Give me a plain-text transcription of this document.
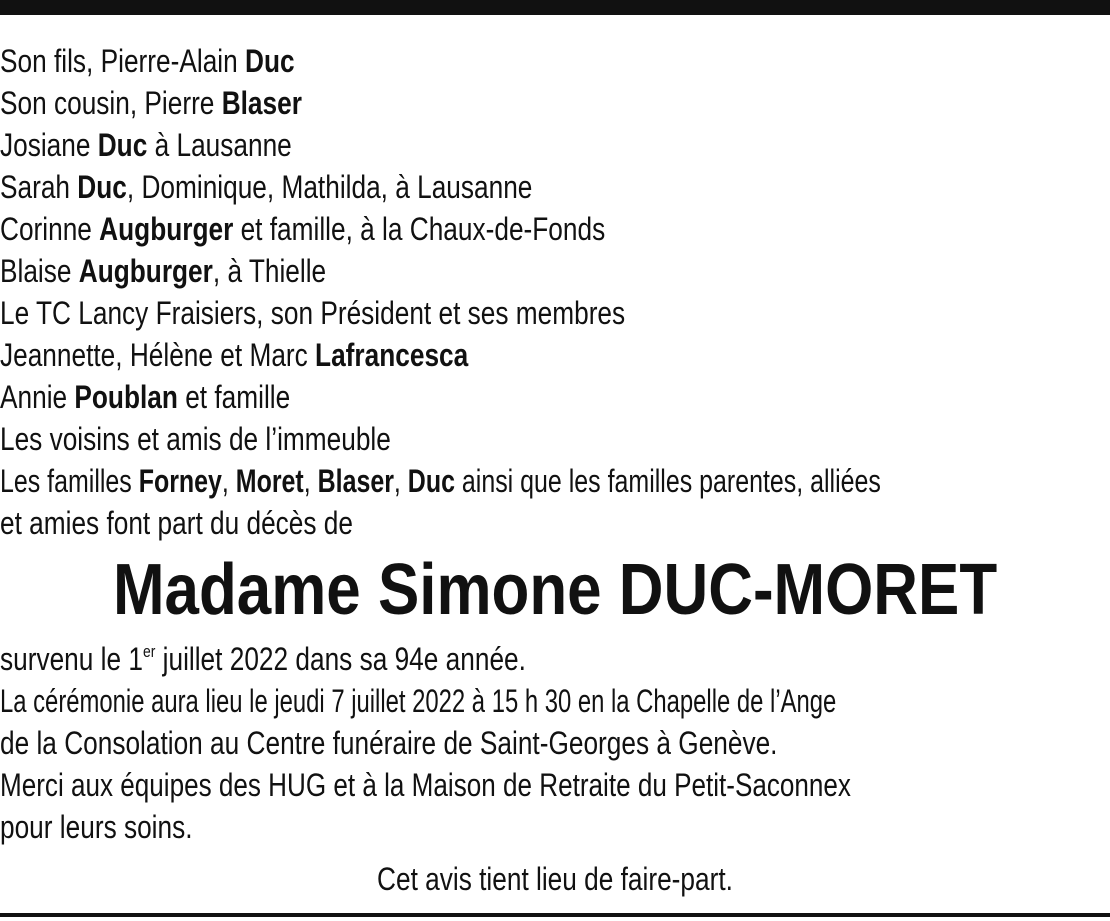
Son fils, Pierre-Alain Duc
Son cousin, Pierre Blaser
Josiane Duc à Lausanne
Sarah Duc, Dominique, Mathilda, à Lausanne
Corinne Augburger et famille, à la Chaux-de-Fonds
Blaise Augburger, à Thielle
Le TC Lancy Fraisiers, son Président et ses membres
Jeannette, Hélène et Marc Lafrancesca
Annie Poublan et famille
Les voisins et amis de l’immeuble
Les familles Forney, Moret, Blaser, Duc ainsi que les familles parentes, alliées
et amies font part du décès de
Madame Simone DUC-MORET
survenu le 1er juillet 2022 dans sa 94e année.
La cérémonie aura lieu le jeudi 7 juillet 2022 à 15 h 30 en la Chapelle de l’Ange
de la Consolation au Centre funéraire de Saint-Georges à Genève.
Merci aux équipes des HUG et à la Maison de Retraite du Petit-Saconnex
pour leurs soins.
Cet avis tient lieu de faire-part.
